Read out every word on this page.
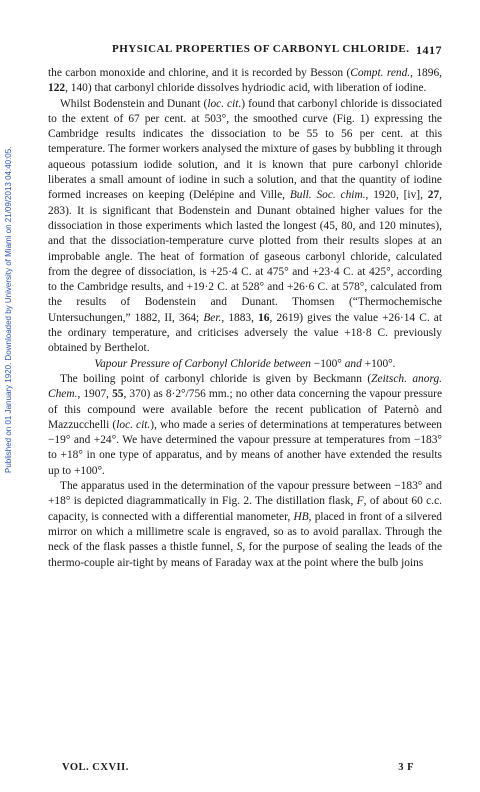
Published on 01 January 1920. Downloaded by University of Miami on 21/09/2013 04:40:05.
PHYSICAL PROPERTIES OF CARBONYL CHLORIDE. 1417

the carbon monoxide and chlorine, and it is recorded by Besson (Compt. rend., 1896, 122, 140) that carbonyl chloride dissolves hydriodic acid, with liberation of iodine.

Whilst Bodenstein and Dunant (loc. cit.) found that carbonyl chloride is dissociated to the extent of 67 per cent. at 503°, the smoothed curve (Fig. 1) expressing the Cambridge results indicates the dissociation to be 55 to 56 per cent. at this temperature. The former workers analysed the mixture of gases by bubbling it through aqueous potassium iodide solution, and it is known that pure carbonyl chloride liberates a small amount of iodine in such a solution, and that the quantity of iodine formed increases on keeping (Delépine and Ville, Bull. Soc. chim., 1920, [iv], 27, 283). It is significant that Bodenstein and Dunant obtained higher values for the dissociation in those experiments which lasted the longest (45, 80, and 120 minutes), and that the dissociation-temperature curve plotted from their results slopes at an improbable angle. The heat of formation of gaseous carbonyl chloride, calculated from the degree of dissociation, is +25·4 C. at 475° and +23·4 C. at 425°, according to the Cambridge results, and +19·2 C. at 528° and +26·6 C. at 578°, calculated from the results of Bodenstein and Dunant. Thomsen (“Thermochemische Untersuchungen,” 1882, II, 364; Ber., 1883, 16, 2619) gives the value +26·14 C. at the ordinary temperature, and criticises adversely the value +18·8 C. previously obtained by Berthelot.

Vapour Pressure of Carbonyl Chloride between −100° and +100°.

The boiling point of carbonyl chloride is given by Beckmann (Zeitsch. anorg. Chem., 1907, 55, 370) as 8·2°/756 mm.; no other data concerning the vapour pressure of this compound were available before the recent publication of Paternò and Mazzucchelli (loc. cit.), who made a series of determinations at temperatures between −19° and +24°. We have determined the vapour pressure at temperatures from −183° to +18° in one type of apparatus, and by means of another have extended the results up to +100°.

The apparatus used in the determination of the vapour pressure between −183° and +18° is depicted diagrammatically in Fig. 2. The distillation flask, F, of about 60 c.c. capacity, is connected with a differential manometer, HB, placed in front of a silvered mirror on which a millimetre scale is engraved, so as to avoid parallax. Through the neck of the flask passes a thistle funnel, S, for the purpose of sealing the leads of the thermo-couple air-tight by means of Faraday wax at the point where the bulb joins

VOL. CXVII.	3 F
